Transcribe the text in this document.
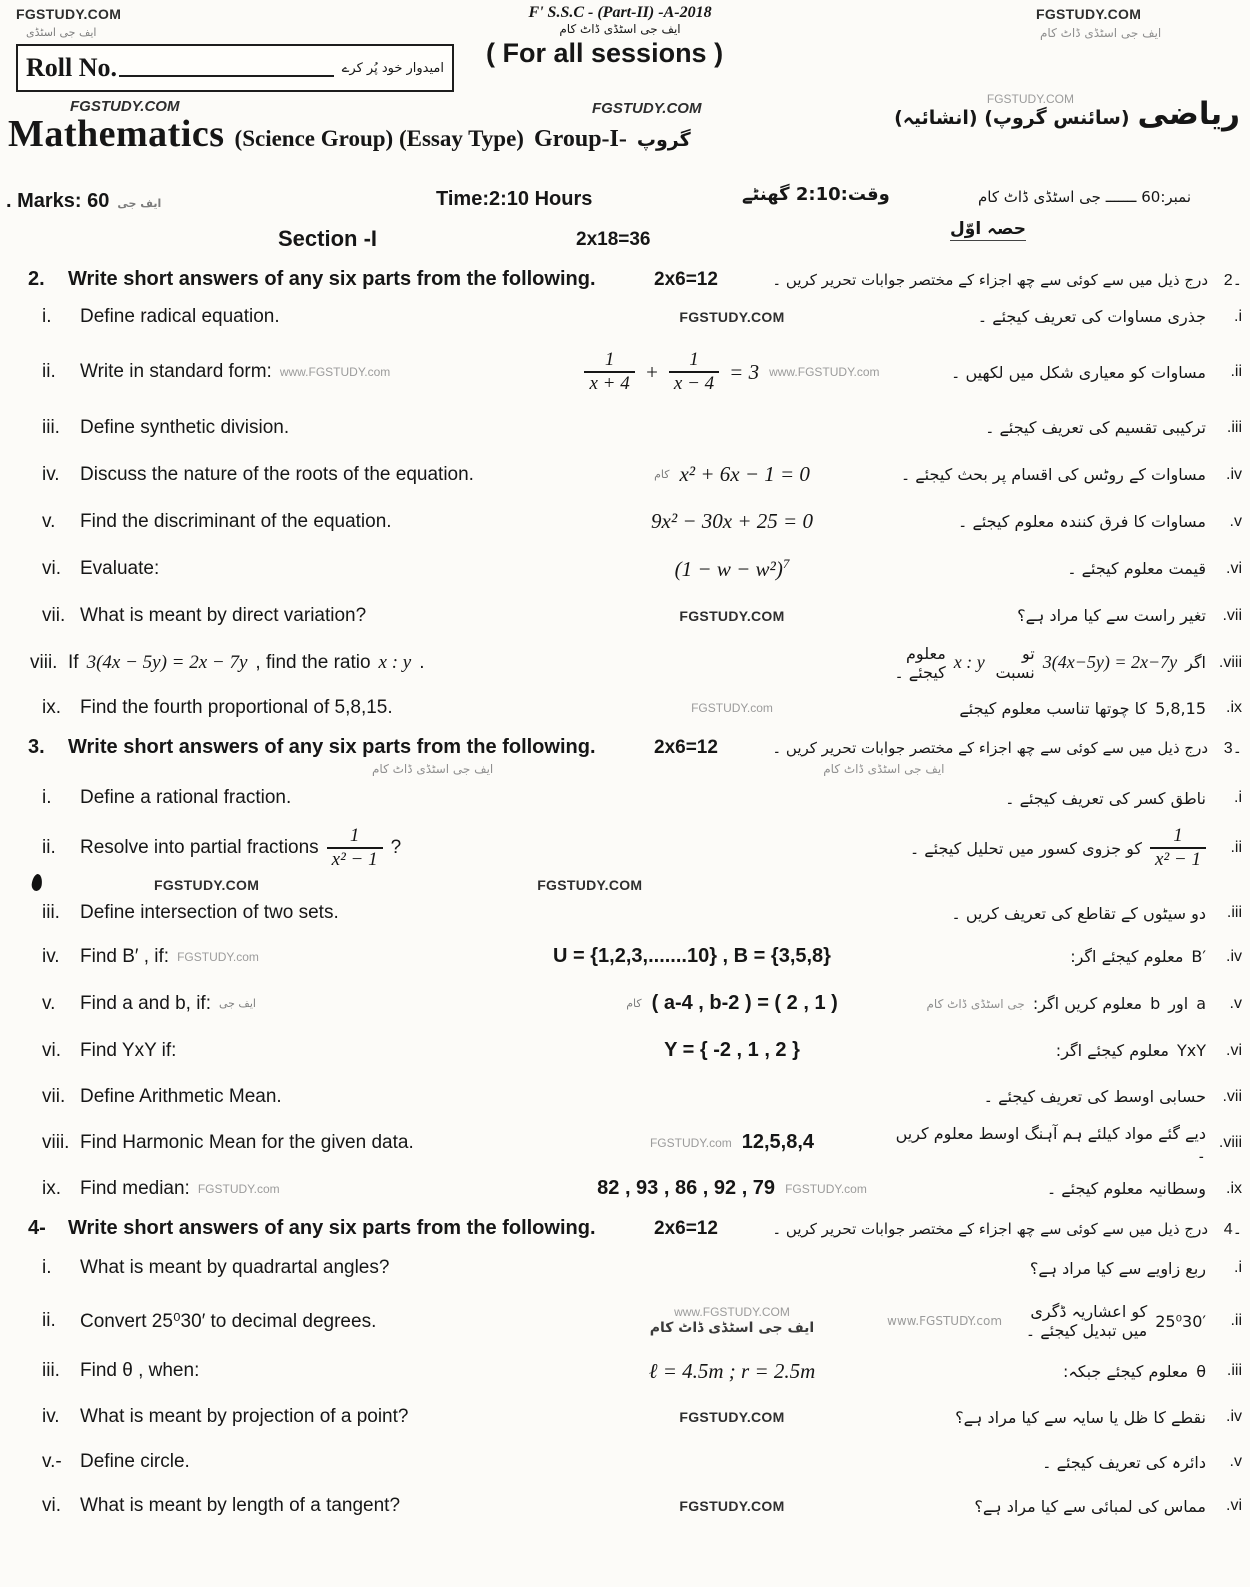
FGSTUDY.COM
ایف جی اسٹڈی
F' S.S.C - (Part-II) -A-2018
ایف جی اسٹڈی ڈاٹ کام
FGSTUDY.COM
ایف جی اسٹڈی ڈاٹ کام
Roll No.	امیدوار خود پُر کرے ( For all sessions )
FGSTUDY.COM	FGSTUDY.COM
FGSTUDY.COM ریاضی
(سائنس گروپ) (انشائیہ)
Mathematics (Science Group) (Essay Type) Group-I- گروپ
. Marks: 60 ایف جی	Time:2:10 Hours	وقت:2:10 گھنٹے	نمبر:60 ـــــــ جی اسٹڈی ڈاٹ کام
حصہ اوّل
Section -I	2x18=36
2.	Write short answers of any six parts from the following.	2x6=12	۔2
درج ذیل میں سے کوئی سے چھ اجزاء کے مختصر جوابات تحریر کریں ۔
i.	Define radical equation.	FGSTUDY.COM	i.
جذری مساوات کی تعریف کیجئے ۔
ii.	Write in standard form: www.FGSTUDY.com	$\frac{1}{x + 4} + \frac{1}{x - 4} = 3$ www.FGSTUDY.com	ii.
مساوات کو معیاری شکل میں لکھیں ۔
iii.	Define synthetic division.	iii.
ترکیبی تقسیم کی تعریف کیجئے ۔
iv.	Discuss the nature of the roots of the equation.	کام x² + 6x − 1 = 0	iv.
مساوات کے روٹس کی اقسام پر بحث کیجئے ۔
v.	Find the discriminant of the equation.	9x² − 30x + 25 = 0	v.
مساوات کا فرق کنندہ معلوم کیجئے ۔
vi.	Evaluate:	$(1 - w - w^2)^7$	vi.
قیمت معلوم کیجئے ۔
vii. What is meant by direct variation?	FGSTUDY.COM	vii.
تغیر راست سے کیا مراد ہے؟
viii. If 3(4x − 5y) = 2x − 7y , find the ratio x : y .	viii.
اگر
3(4x−5y) = 2x−7y
تو نسبت
x : y
معلوم کیجئے ۔
ix.	Find the fourth proportional of 5,8,15.	FGSTUDY.com	ix.
5,8,15
کا چوتھا تناسب معلوم کیجئے
3.	Write short answers of any six parts from the following.	2x6=12	۔3
درج ذیل میں سے کوئی سے چھ اجزاء کے مختصر جوابات تحریر کریں ۔
ایف جی اسٹڈی ڈاٹ کام	ایف جی اسٹڈی ڈاٹ کام
i.	Define a rational fraction.	i.
ناطق کسر کی تعریف کیجئے ۔
ii.	Resolve into partial fractions $\frac{1}{\text{x² − 1}}$ ?	ii.
$\frac{1}{\text{x² − 1}}$
کو جزوی کسور میں تحلیل کیجئے ۔
FGSTUDY.COM	FGSTUDY.COM
iii.	Define intersection of two sets.	iii.
دو سیٹوں کے تقاطع کی تعریف کریں ۔
iv.	Find B′ , if: FGSTUDY.com	U = {1,2,3,.......10} , B = {3,5,8}	iv.
B′
معلوم کیجئے اگر:
v.	Find a and b, if: ایف جی	کام ( a-4 , b-2 ) = ( 2 , 1 )	v.
a
اور
b
معلوم کریں اگر:
جی اسٹڈی ڈاٹ کام
vi.	Find YxY if:	Y = { -2 , 1 , 2 }	vi.
YxY
معلوم کیجئے اگر:
vii. Define Arithmetic Mean.	vii.
حسابی اوسط کی تعریف کیجئے ۔
viii. Find Harmonic Mean for the given data.	FGSTUDY.com 12,5,8,4	viii.
دیے گئے مواد کیلئے ہم آہنگ اوسط معلوم کریں ۔
ix.	Find median: FGSTUDY.com	82 , 93 , 86 , 92 , 79 FGSTUDY.com	ix.
وسطانیہ معلوم کیجئے ۔
4-	Write short answers of any six parts from the following.	2x6=12	۔4
درج ذیل میں سے کوئی سے چھ اجزاء کے مختصر جوابات تحریر کریں ۔
i.	What is meant by quadrartal angles?	i.
ربع زاویے سے کیا مراد ہے؟
ii.	Convert 25⁰30′ to decimal degrees.	www.FGSTUDY.COM
ایف جی اسٹڈی ڈاٹ کام	ii.
25⁰30′
کو اعشاریہ ڈگری میں تبدیل کیجئے ۔
www.FGSTUDY.com
iii.	Find θ , when:	ℓ = 4.5m ; r = 2.5m	iii.
θ
معلوم کیجئے جبکہ:
iv.	What is meant by projection of a point?	FGSTUDY.COM	iv.
نقطے کا ظل یا سایہ سے کیا مراد ہے؟
v.- Define circle.	v.
دائرہ کی تعریف کیجئے ۔
vi.	What is meant by length of a tangent?	FGSTUDY.COM	vi.
مماس کی لمبائی سے کیا مراد ہے؟
